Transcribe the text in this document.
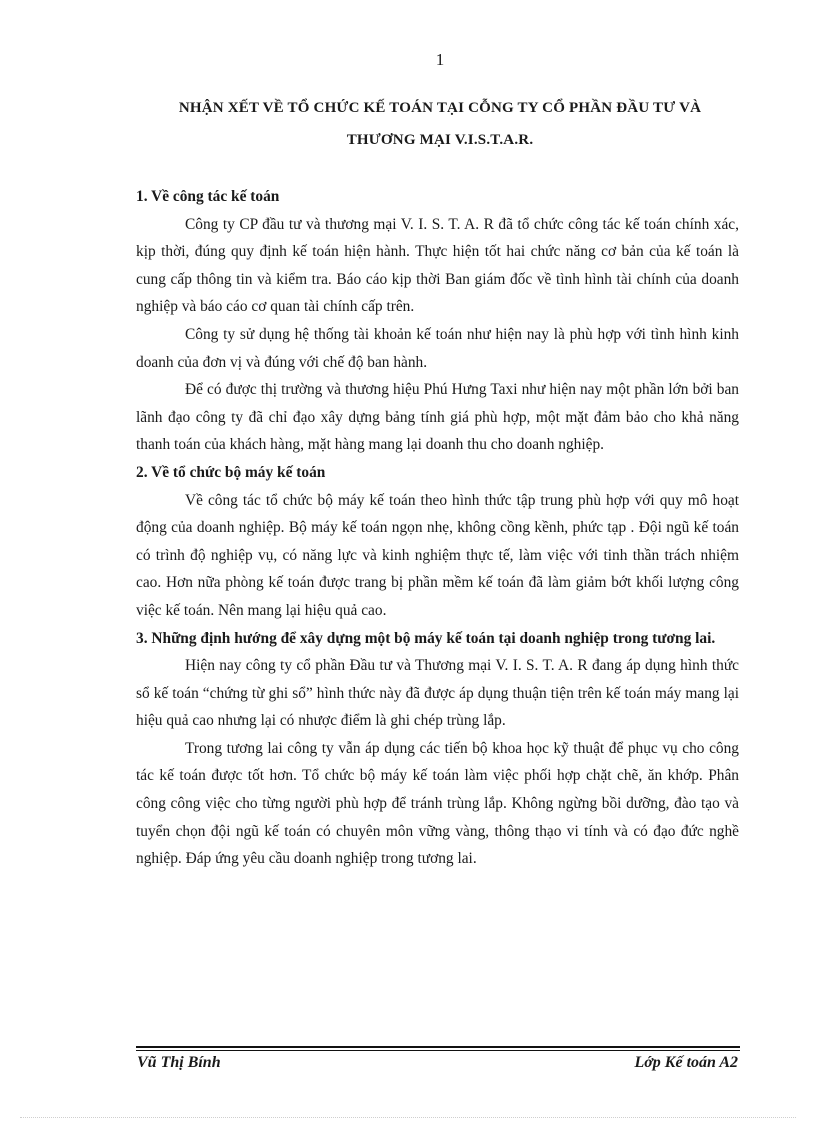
1
NHẬN XẾT VỀ TỔ CHỨC KẾ TOÁN TẠI CỖNG TY CỔ PHẦN ĐẦU TƯ VÀ
THƯƠNG MẠI V.I.S.T.A.R.

1. Về công tác kế toán

Công ty CP đầu tư và thương mại V. I. S. T. A. R đã tổ chức công tác kế toán chính xác, kịp thời, đúng quy định kế toán hiện hành. Thực hiện tốt hai chức năng cơ bản của kế toán là cung cấp thông tin và kiểm tra. Báo cáo kịp thời Ban giám đốc về tình hình tài chính của doanh nghiệp và báo cáo cơ quan tài chính cấp trên.

Công ty sử dụng hệ thống tài khoản kế toán như hiện nay là phù hợp với tình hình kinh doanh của đơn vị và đúng với chế độ ban hành.

Để có được thị trường và thương hiệu Phú Hưng Taxi như hiện nay một phần lớn bởi ban lãnh đạo công ty đã chỉ đạo xây dựng bảng tính giá phù hợp, một mặt đảm bảo cho khả năng thanh toán của khách hàng, mặt hàng mang lại doanh thu cho doanh nghiệp.

2. Về tổ chức bộ máy kế toán

Về công tác tổ chức bộ máy kế toán theo hình thức tập trung phù hợp với quy mô hoạt động của doanh nghiệp. Bộ máy kế toán ngọn nhẹ, không cồng kềnh, phức tạp . Đội ngũ kế toán có trình độ nghiệp vụ, có năng lực và kinh nghiệm thực tế, làm việc với tinh thần trách nhiệm cao. Hơn nữa phòng kế toán được trang bị phần mềm kế toán đã làm giảm bớt khối lượng công việc kế toán. Nên mang lại hiệu quả cao.

3. Những định hướng để xây dựng một bộ máy kế toán tại doanh nghiệp trong tương lai.

Hiện nay công ty cổ phần Đầu tư và Thương mại V. I. S. T. A. R đang áp dụng hình thức sổ kế toán “chứng từ ghi sổ” hình thức này đã được áp dụng thuận tiện trên kế toán máy mang lại hiệu quả cao nhưng lại có nhược điểm là ghi chép trùng lắp.

Trong tương lai công ty vẫn áp dụng các tiến bộ khoa học kỹ thuật để phục vụ cho công tác kế toán được tốt hơn. Tổ chức bộ máy kế toán làm việc phối hợp chặt chẽ, ăn khớp. Phân công công việc cho từng người phù hợp để tránh trùng lắp. Không ngừng bồi dưỡng, đào tạo và tuyển chọn đội ngũ kế toán có chuyên môn vững vàng, thông thạo vi tính và có đạo đức nghề nghiệp. Đáp ứng yêu cầu doanh nghiệp trong tương lai.

Vũ Thị Bính	Lớp Kế toán A2
